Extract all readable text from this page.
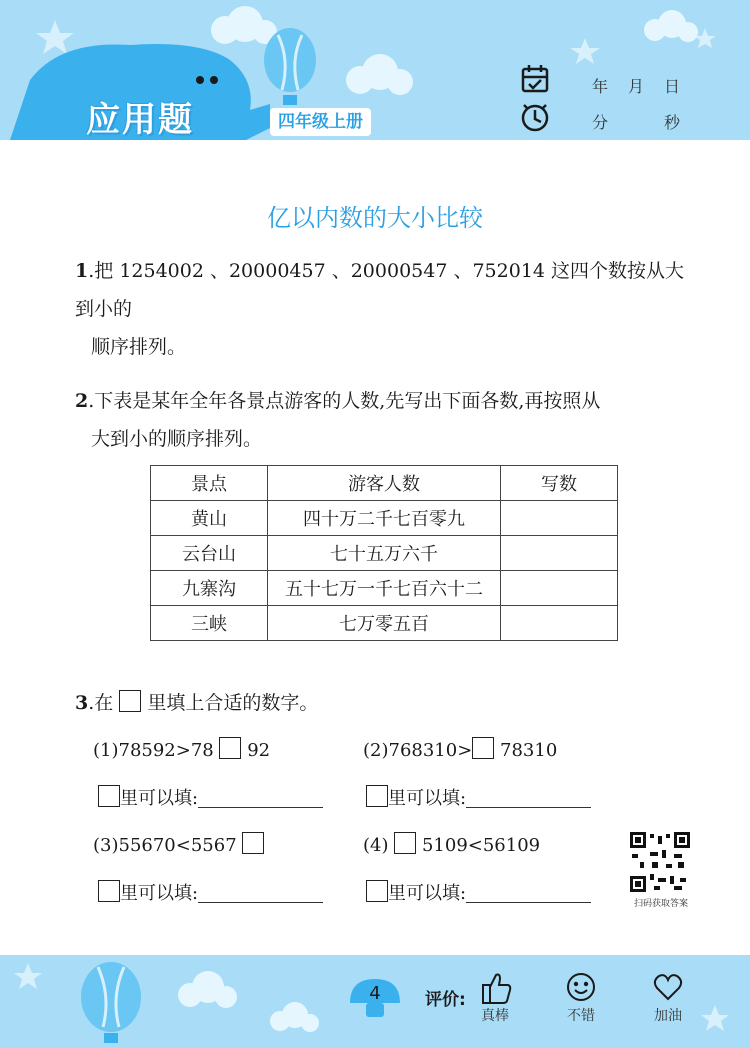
应用题	四年级上册
年 月 日
分	秒
亿以内数的大小比较
1.把 1254002 、20000457 、20000547 、752014 这四个数按从大到小的
顺序排列。
2.下表是某年全年各景点游客的人数,先写出下面各数,再按照从
大到小的顺序排列。
景点	游客人数	写数
黄山	四十万二千七百零九	
云台山	七十五万六千	
九寨沟	五十七万一千七百六十二	
三峡	七万零五百	
3.在 里填上合适的数字。
(1)78592>78 92	(2)768310> 78310
里可以填:	里可以填:
(3)55670<5567	(4) 5109<56109
里可以填:	里可以填:	扫码获取答案
4	评价:
真棒	不错	加油
